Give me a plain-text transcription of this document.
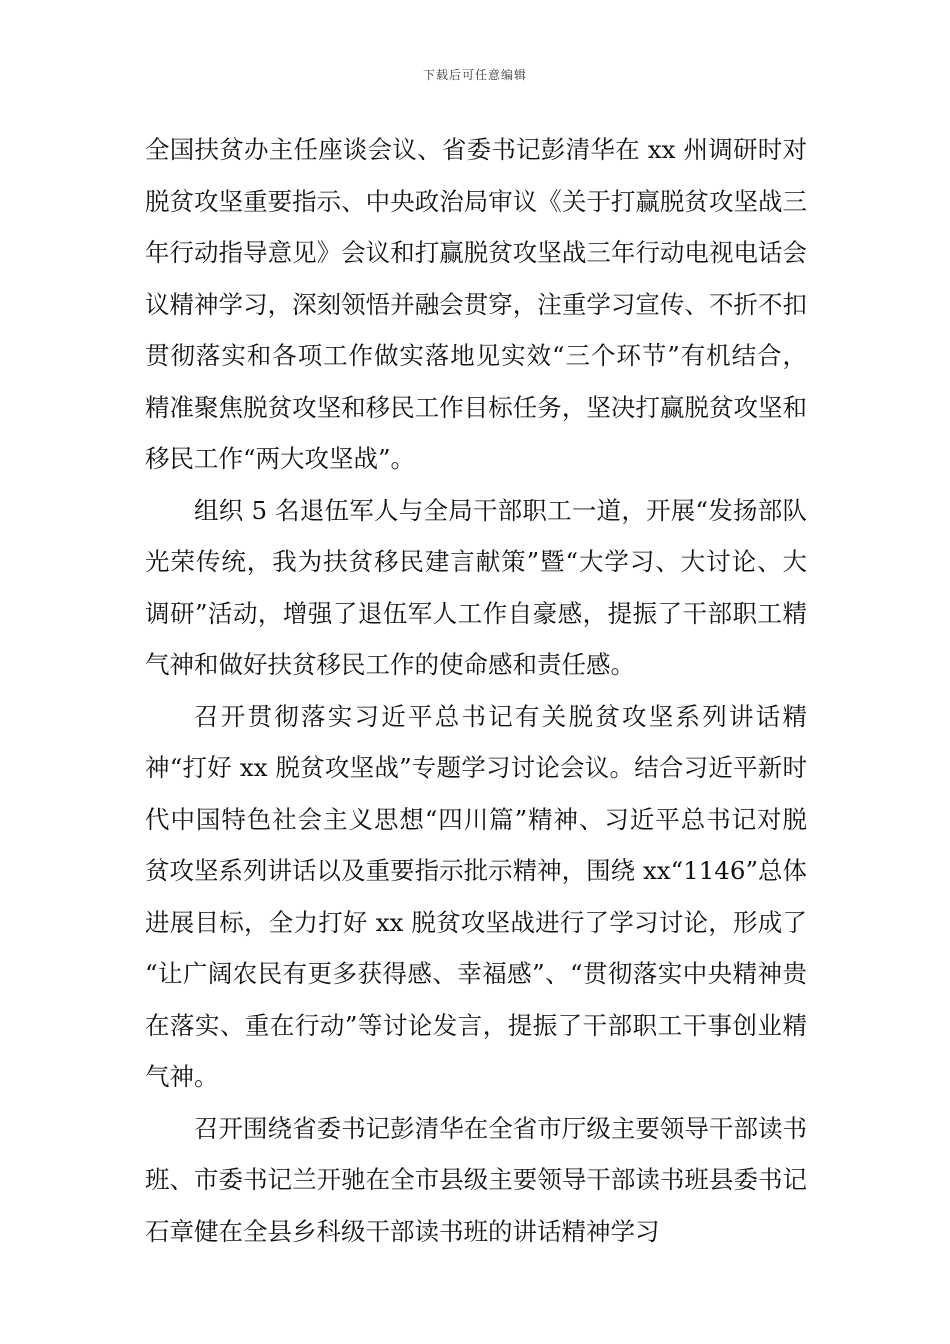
下载后可任意编辑

全国扶贫办主任座谈会议、省委书记彭清华在 xx 州调研时对脱贫攻坚重要指示、中央政治局审议《关于打赢脱贫攻坚战三年行动指导意见》会议和打赢脱贫攻坚战三年行动电视电话会议精神学习，深刻领悟并融会贯穿，注重学习宣传、不折不扣贯彻落实和各项工作做实落地见实效“三个环节”有机结合，精准聚焦脱贫攻坚和移民工作目标任务，坚决打赢脱贫攻坚和移民工作“两大攻坚战”。

组织 5 名退伍军人与全局干部职工一道，开展“发扬部队光荣传统，我为扶贫移民建言献策”暨“大学习、大讨论、大调研”活动，增强了退伍军人工作自豪感，提振了干部职工精气神和做好扶贫移民工作的使命感和责任感。

召开贯彻落实习近平总书记有关脱贫攻坚系列讲话精神“打好 xx 脱贫攻坚战”专题学习讨论会议。结合习近平新时代中国特色社会主义思想“四川篇”精神、习近平总书记对脱贫攻坚系列讲话以及重要指示批示精神，围绕 xx“1146”总体进展目标，全力打好 xx 脱贫攻坚战进行了学习讨论，形成了 “让广阔农民有更多获得感、幸福感”、“贯彻落实中央精神贵在落实、重在行动”等讨论发言，提振了干部职工干事创业精气神。

召开围绕省委书记彭清华在全省市厅级主要领导干部读书班、市委书记兰开驰在全市县级主要领导干部读书班县委书记石章健在全县乡科级干部读书班的讲话精神学习
